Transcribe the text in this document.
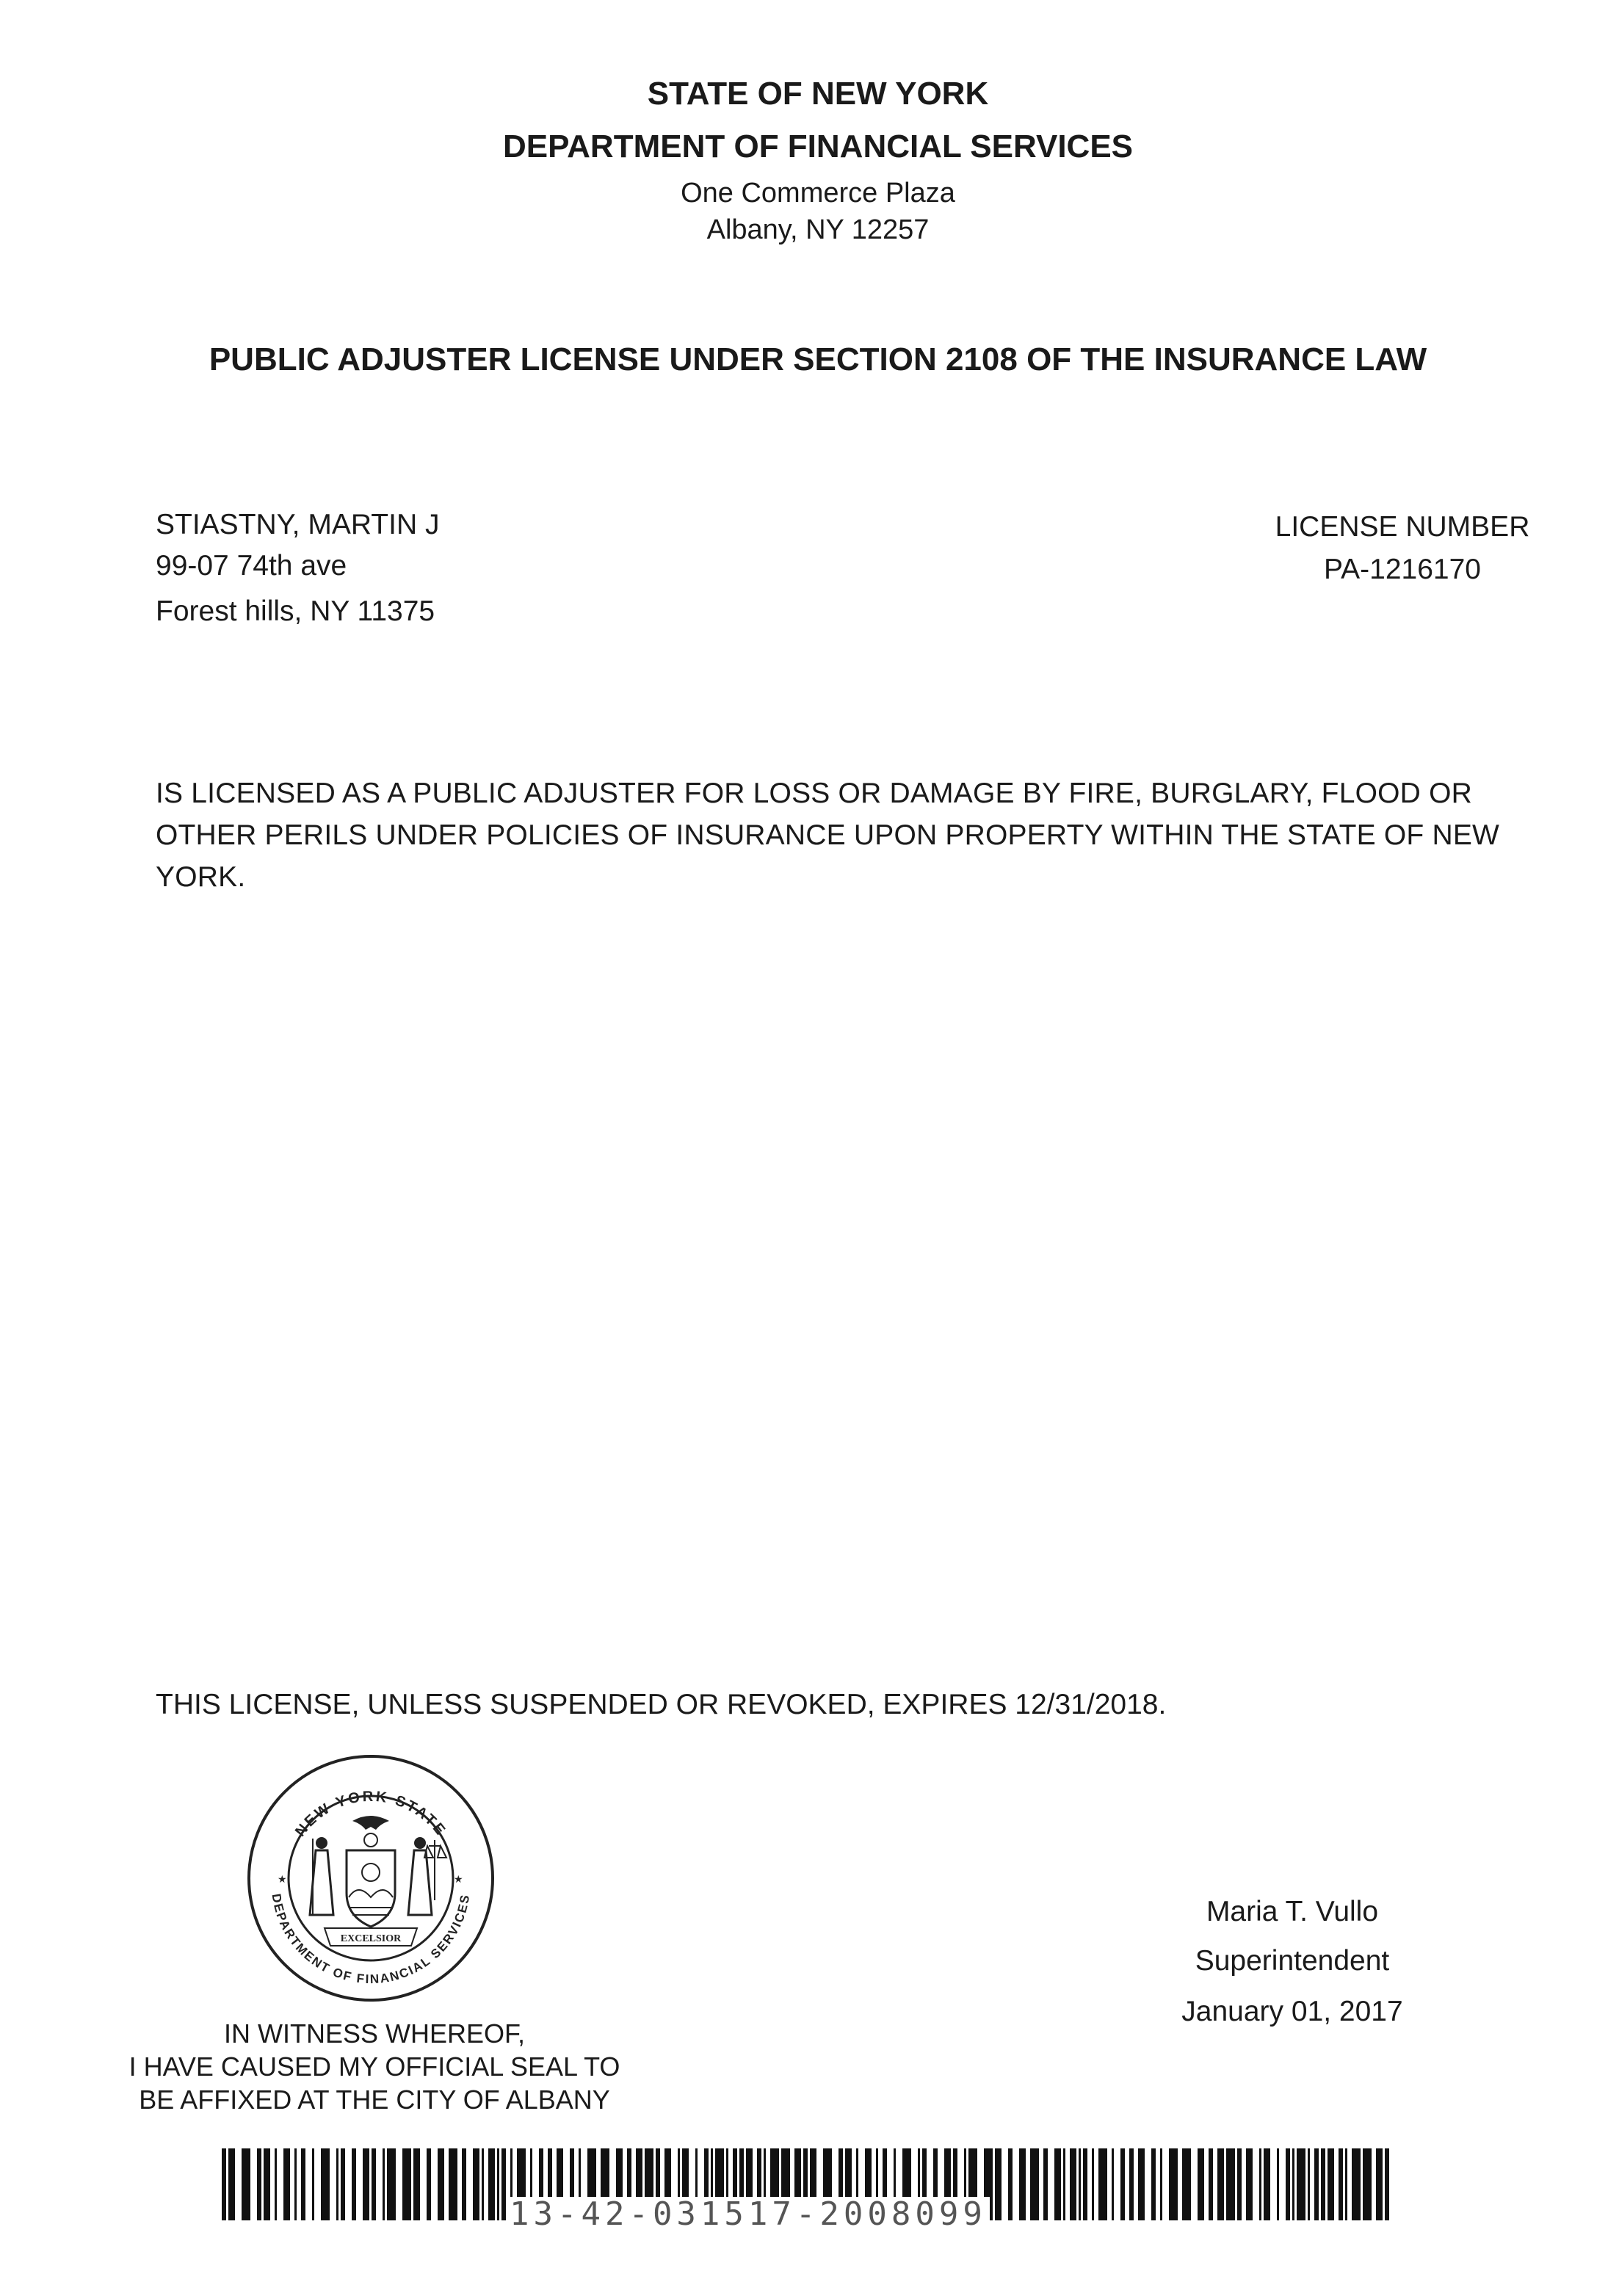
STATE OF NEW YORK
DEPARTMENT OF FINANCIAL SERVICES
One Commerce Plaza
Albany, NY 12257
PUBLIC ADJUSTER LICENSE UNDER SECTION 2108 OF THE INSURANCE LAW
STIASTNY, MARTIN J
99-07 74th ave
Forest hills, NY 11375
LICENSE NUMBER
PA-1216170
IS LICENSED AS A PUBLIC ADJUSTER FOR LOSS OR DAMAGE BY FIRE, BURGLARY, FLOOD OR OTHER PERILS UNDER POLICIES OF INSURANCE UPON PROPERTY WITHIN THE STATE OF NEW YORK.
THIS LICENSE, UNLESS SUSPENDED OR REVOKED, EXPIRES 12/31/2018.
NEW YORK STATE
DEPARTMENT OF FINANCIAL SERVICES
★	★
EXCELSIOR
IN WITNESS WHEREOF,
I HAVE CAUSED MY OFFICIAL SEAL TO
BE AFFIXED AT THE CITY OF ALBANY
Maria T. Vullo
Superintendent
January 01, 2017
13-42-031517-2008099
